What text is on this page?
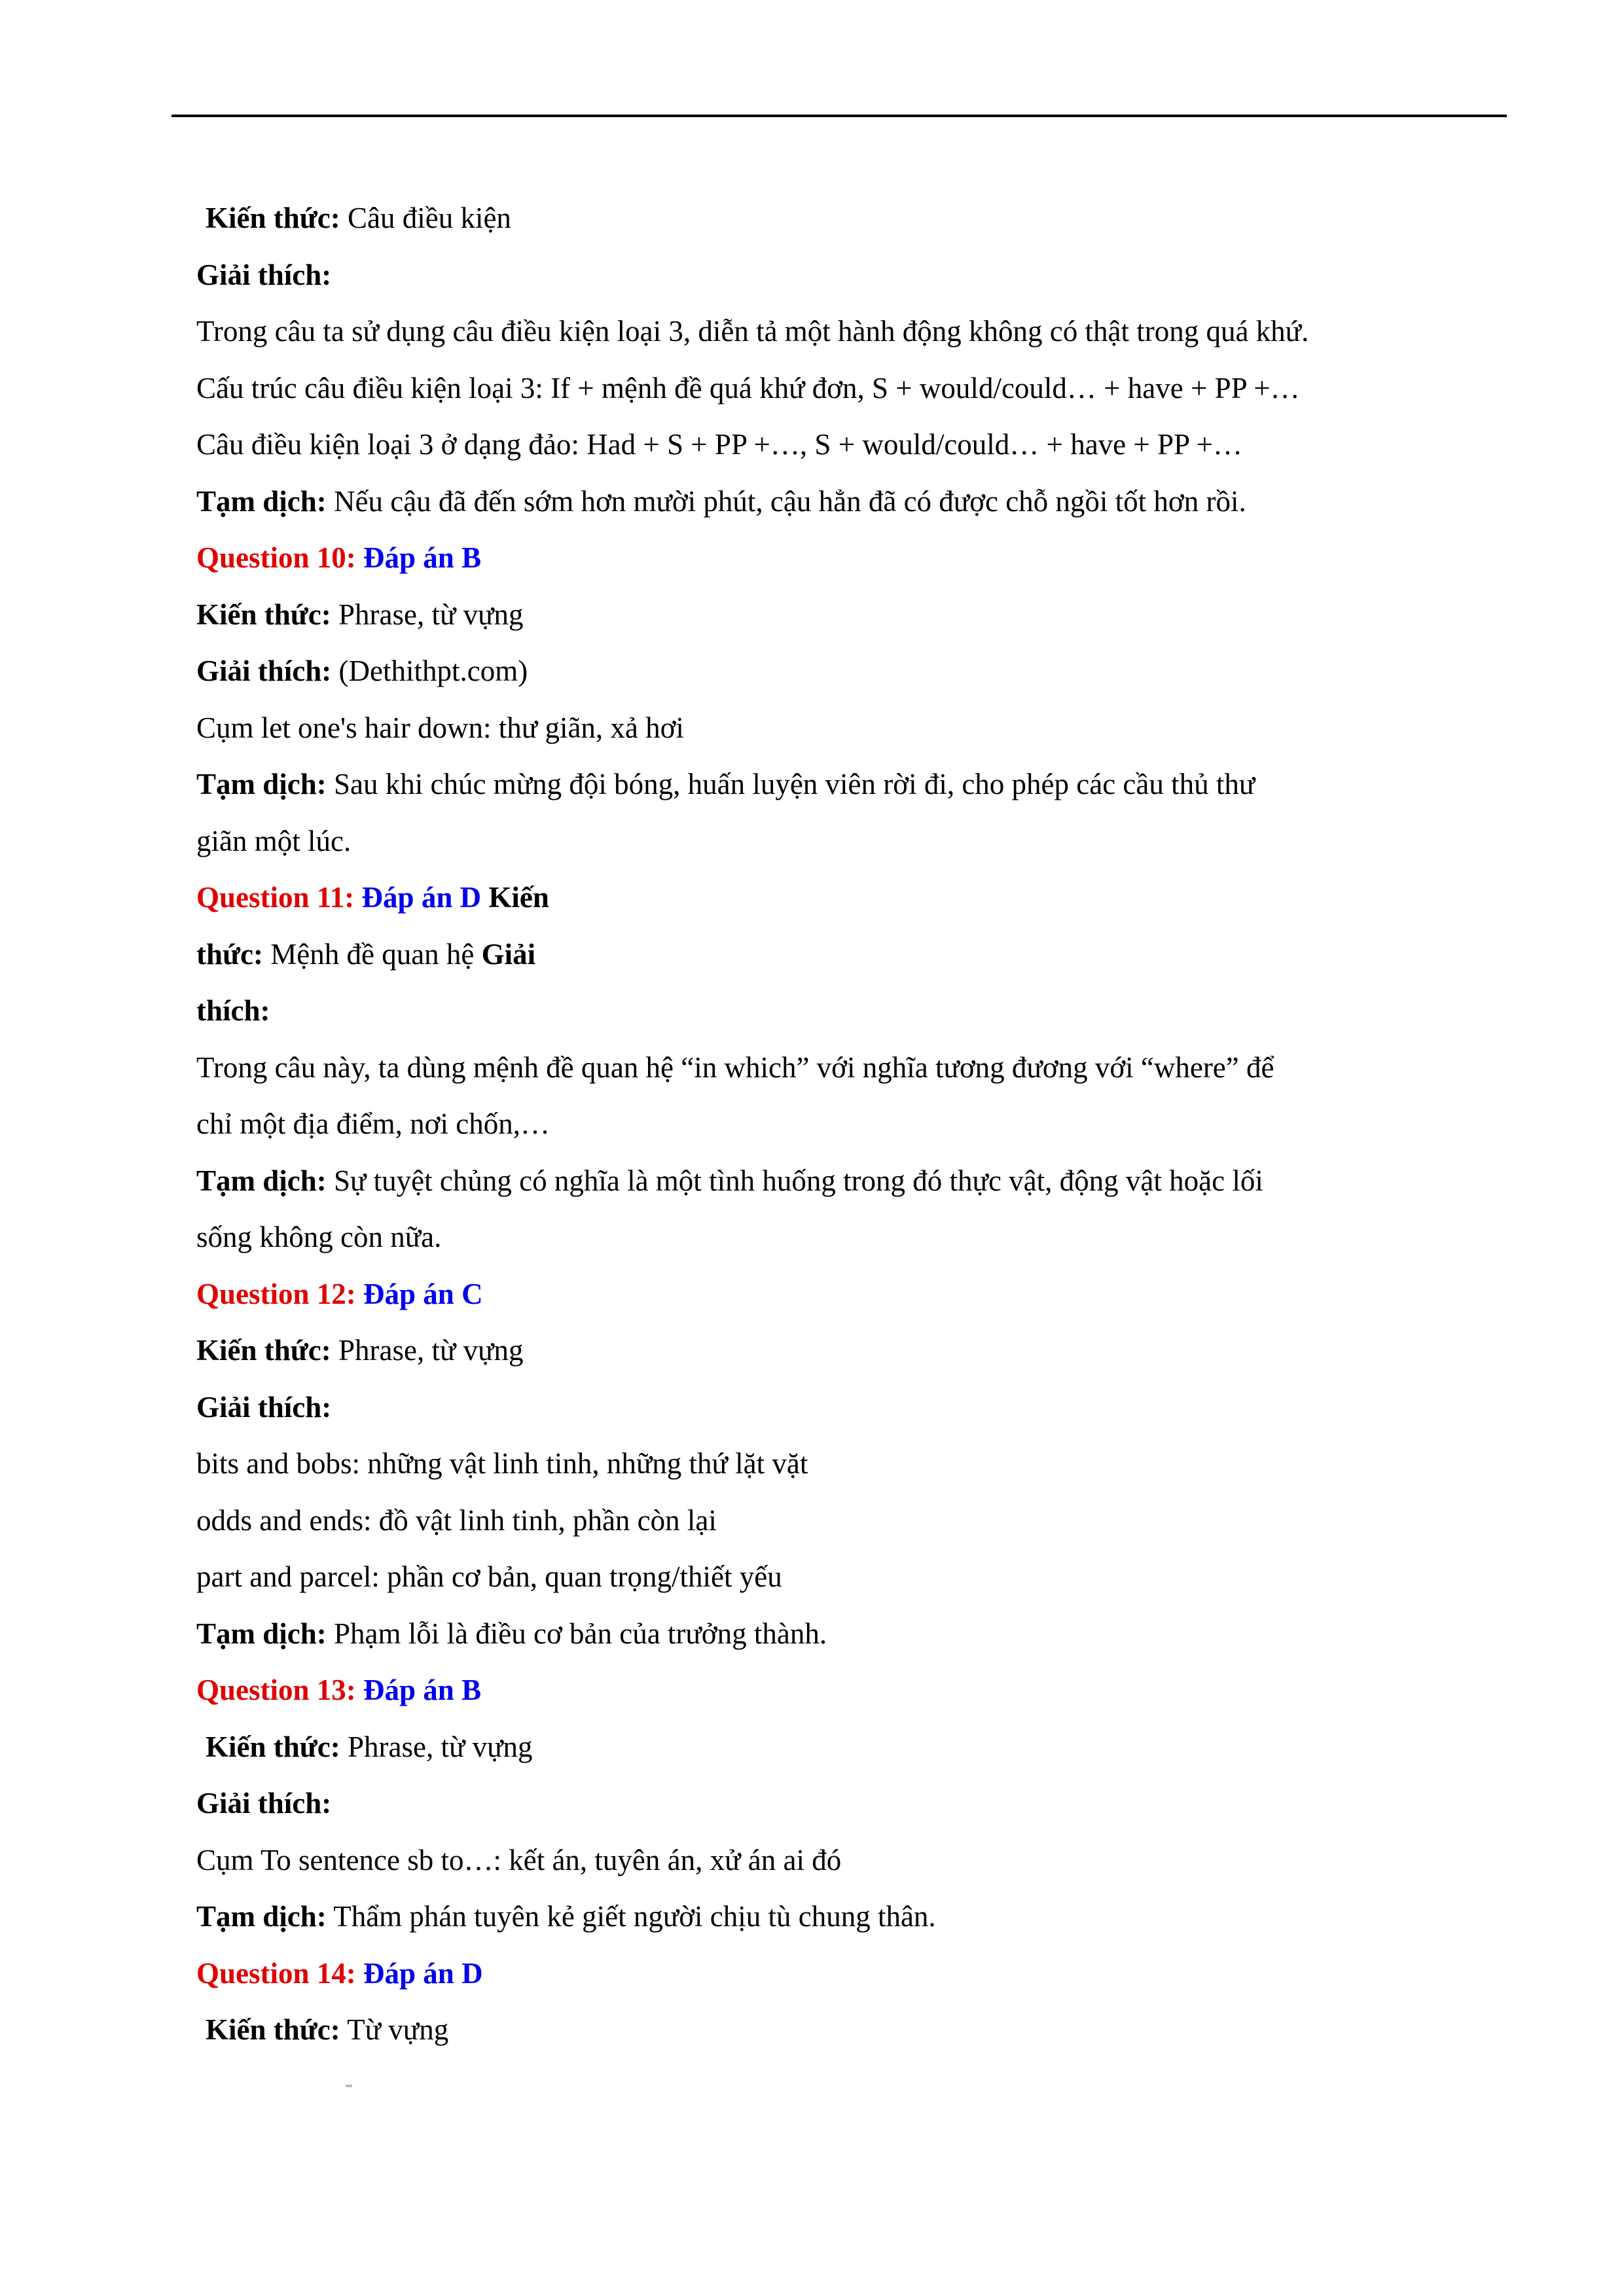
Kiến thức: Câu điều kiện
Giải thích:
Trong câu ta sử dụng câu điều kiện loại 3, diễn tả một hành động không có thật trong quá khứ.
Cấu trúc câu điều kiện loại 3: If + mệnh đề quá khứ đơn, S + would/could… + have + PP +…
Câu điều kiện loại 3 ở dạng đảo: Had + S + PP +…, S + would/could… + have + PP +…
Tạm dịch: Nếu cậu đã đến sớm hơn mười phút, cậu hẳn đã có được chỗ ngồi tốt hơn rồi.
Question 10: Đáp án B
Kiến thức: Phrase, từ vựng
Giải thích: (Dethithpt.com)
Cụm let one's hair down: thư giãn, xả hơi
Tạm dịch: Sau khi chúc mừng đội bóng, huấn luyện viên rời đi, cho phép các cầu thủ thư
giãn một lúc.
Question 11: Đáp án D Kiến
thức: Mệnh đề quan hệ Giải
thích:
Trong câu này, ta dùng mệnh đề quan hệ “in which” với nghĩa tương đương với “where” để
chỉ một địa điểm, nơi chốn,…
Tạm dịch: Sự tuyệt chủng có nghĩa là một tình huống trong đó thực vật, động vật hoặc lối
sống không còn nữa.
Question 12: Đáp án C
Kiến thức: Phrase, từ vựng
Giải thích:
bits and bobs: những vật linh tinh, những thứ lặt vặt
odds and ends: đồ vật linh tinh, phần còn lại
part and parcel: phần cơ bản, quan trọng/thiết yếu
Tạm dịch: Phạm lỗi là điều cơ bản của trưởng thành.
Question 13: Đáp án B
Kiến thức: Phrase, từ vựng
Giải thích:
Cụm To sentence sb to…: kết án, tuyên án, xử án ai đó
Tạm dịch: Thẩm phán tuyên kẻ giết người chịu tù chung thân.
Question 14: Đáp án D
Kiến thức: Từ vựng
